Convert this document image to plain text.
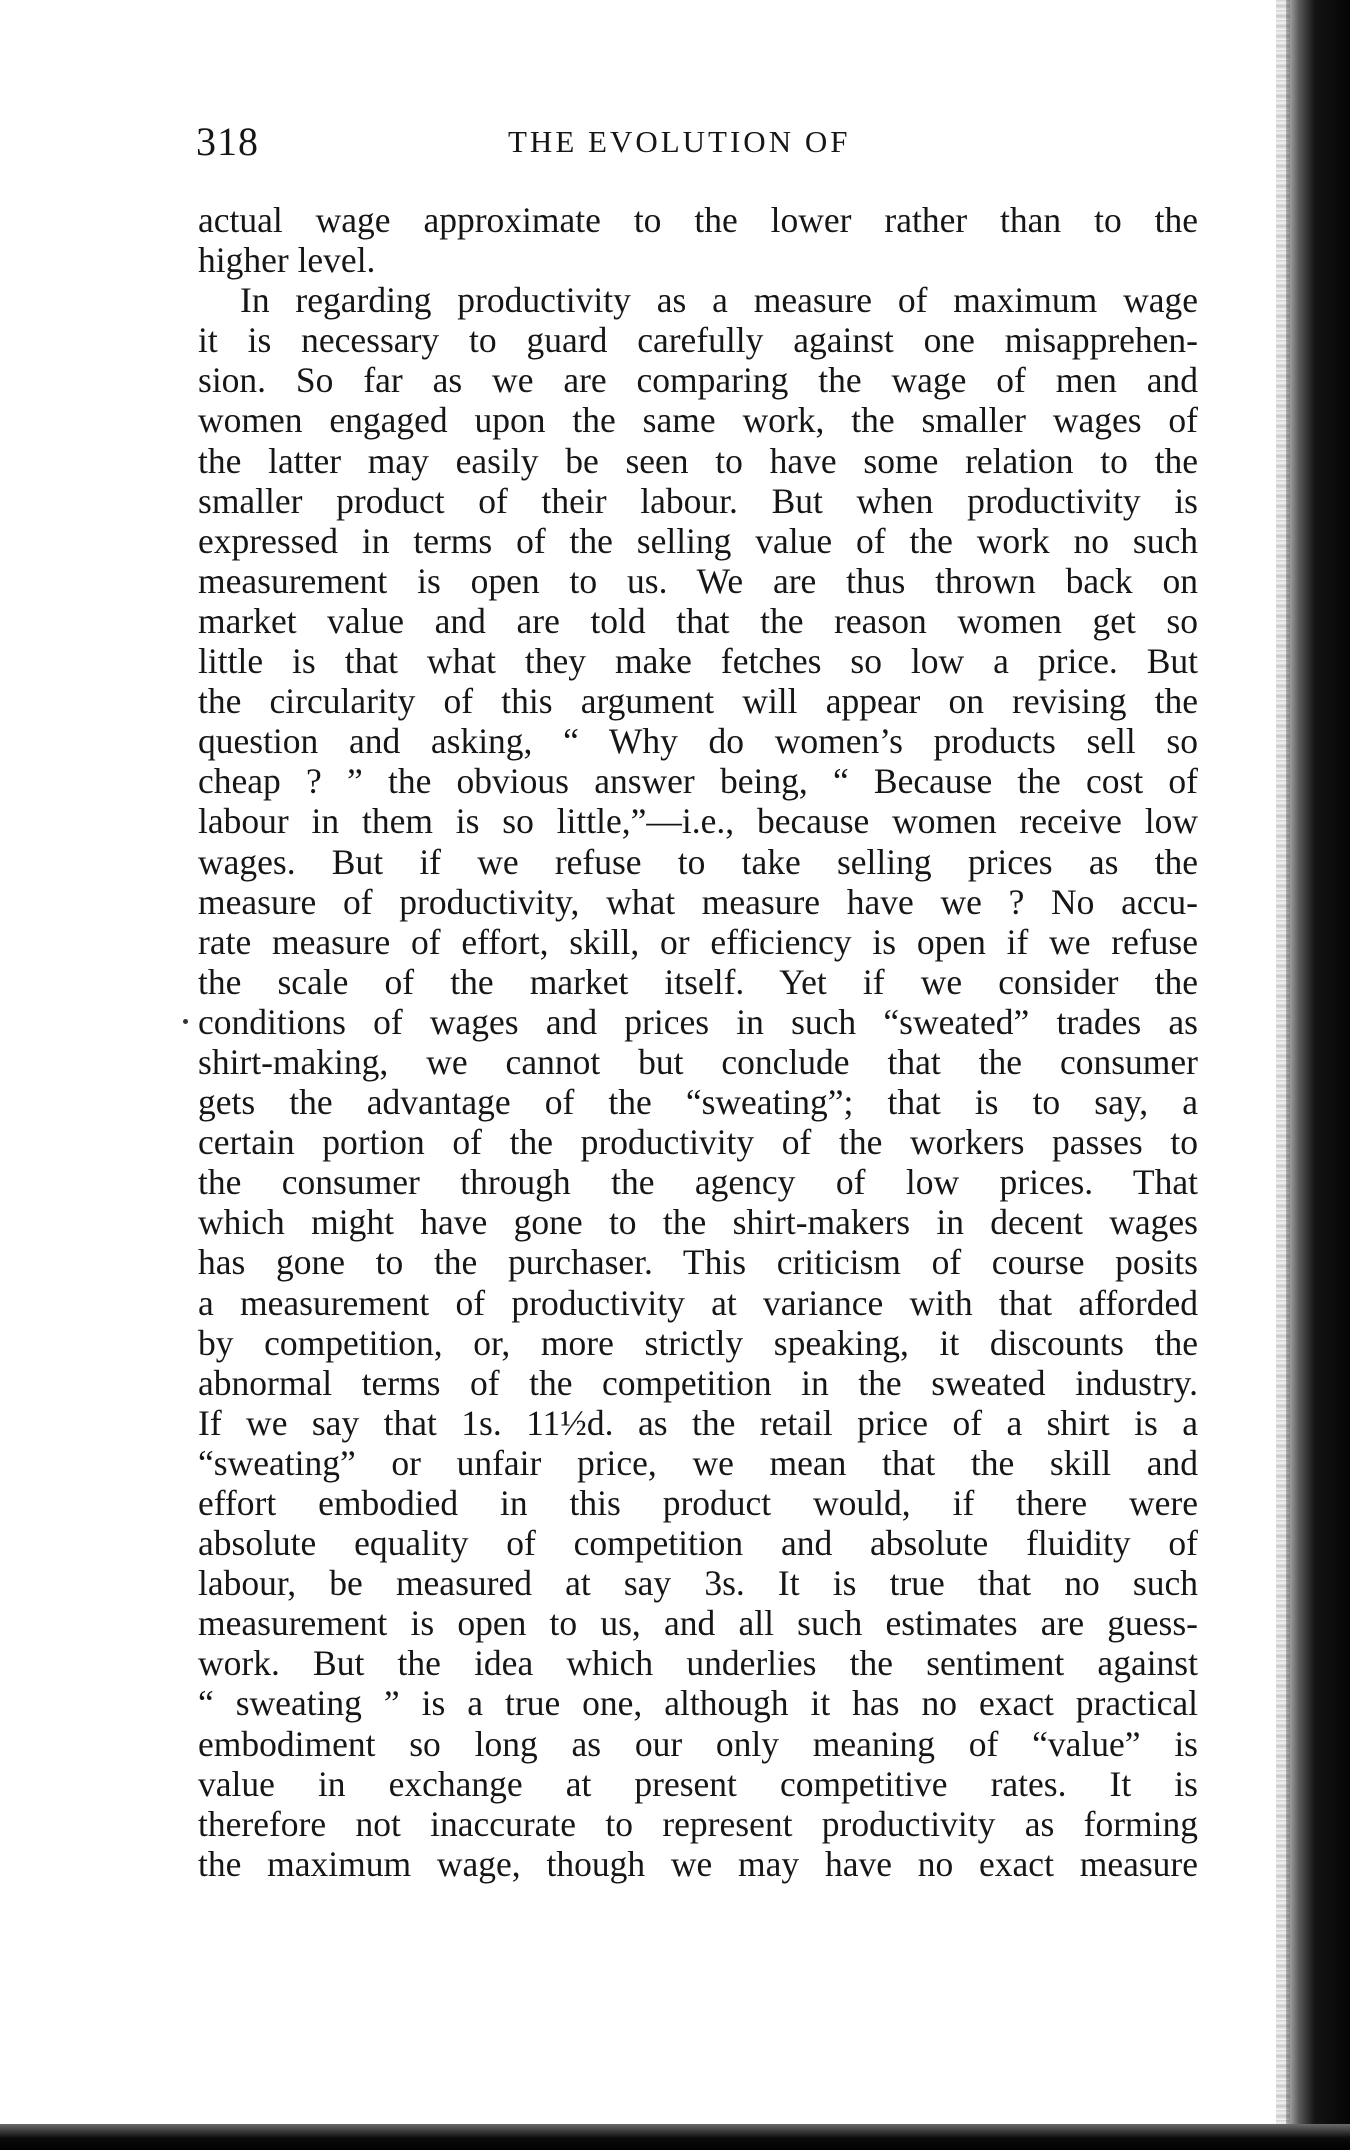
318	THE EVOLUTION OF
actual wage approximate to the lower rather than to the
higher level.
In regarding productivity as a measure of maximum wage
it is necessary to guard carefully against one misapprehen-
sion. So far as we are comparing the wage of men and
women engaged upon the same work, the smaller wages of
the latter may easily be seen to have some relation to the
smaller product of their labour. But when productivity is
expressed in terms of the selling value of the work no such
measurement is open to us. We are thus thrown back on
market value and are told that the reason women get so
little is that what they make fetches so low a price. But
the circularity of this argument will appear on revising the
question and asking, “ Why do women’s products sell so
cheap ? ” the obvious answer being, “ Because the cost of
labour in them is so little,”—i.e., because women receive low
wages. But if we refuse to take selling prices as the
measure of productivity, what measure have we ? No accu-
rate measure of effort, skill, or efficiency is open if we refuse
the scale of the market itself. Yet if we consider the
conditions of wages and prices in such “sweated” trades as
shirt-making, we cannot but conclude that the consumer
gets the advantage of the “sweating”; that is to say, a
certain portion of the productivity of the workers passes to
the consumer through the agency of low prices. That
which might have gone to the shirt-makers in decent wages
has gone to the purchaser. This criticism of course posits
a measurement of productivity at variance with that afforded
by competition, or, more strictly speaking, it discounts the
abnormal terms of the competition in the sweated industry.
If we say that 1s. 11½d. as the retail price of a shirt is a
“sweating” or unfair price, we mean that the skill and
effort embodied in this product would, if there were
absolute equality of competition and absolute fluidity of
labour, be measured at say 3s. It is true that no such
measurement is open to us, and all such estimates are guess-
work. But the idea which underlies the sentiment against
“ sweating ” is a true one, although it has no exact practical
embodiment so long as our only meaning of “value” is
value in exchange at present competitive rates. It is
therefore not inaccurate to represent productivity as forming
the maximum wage, though we may have no exact measure
